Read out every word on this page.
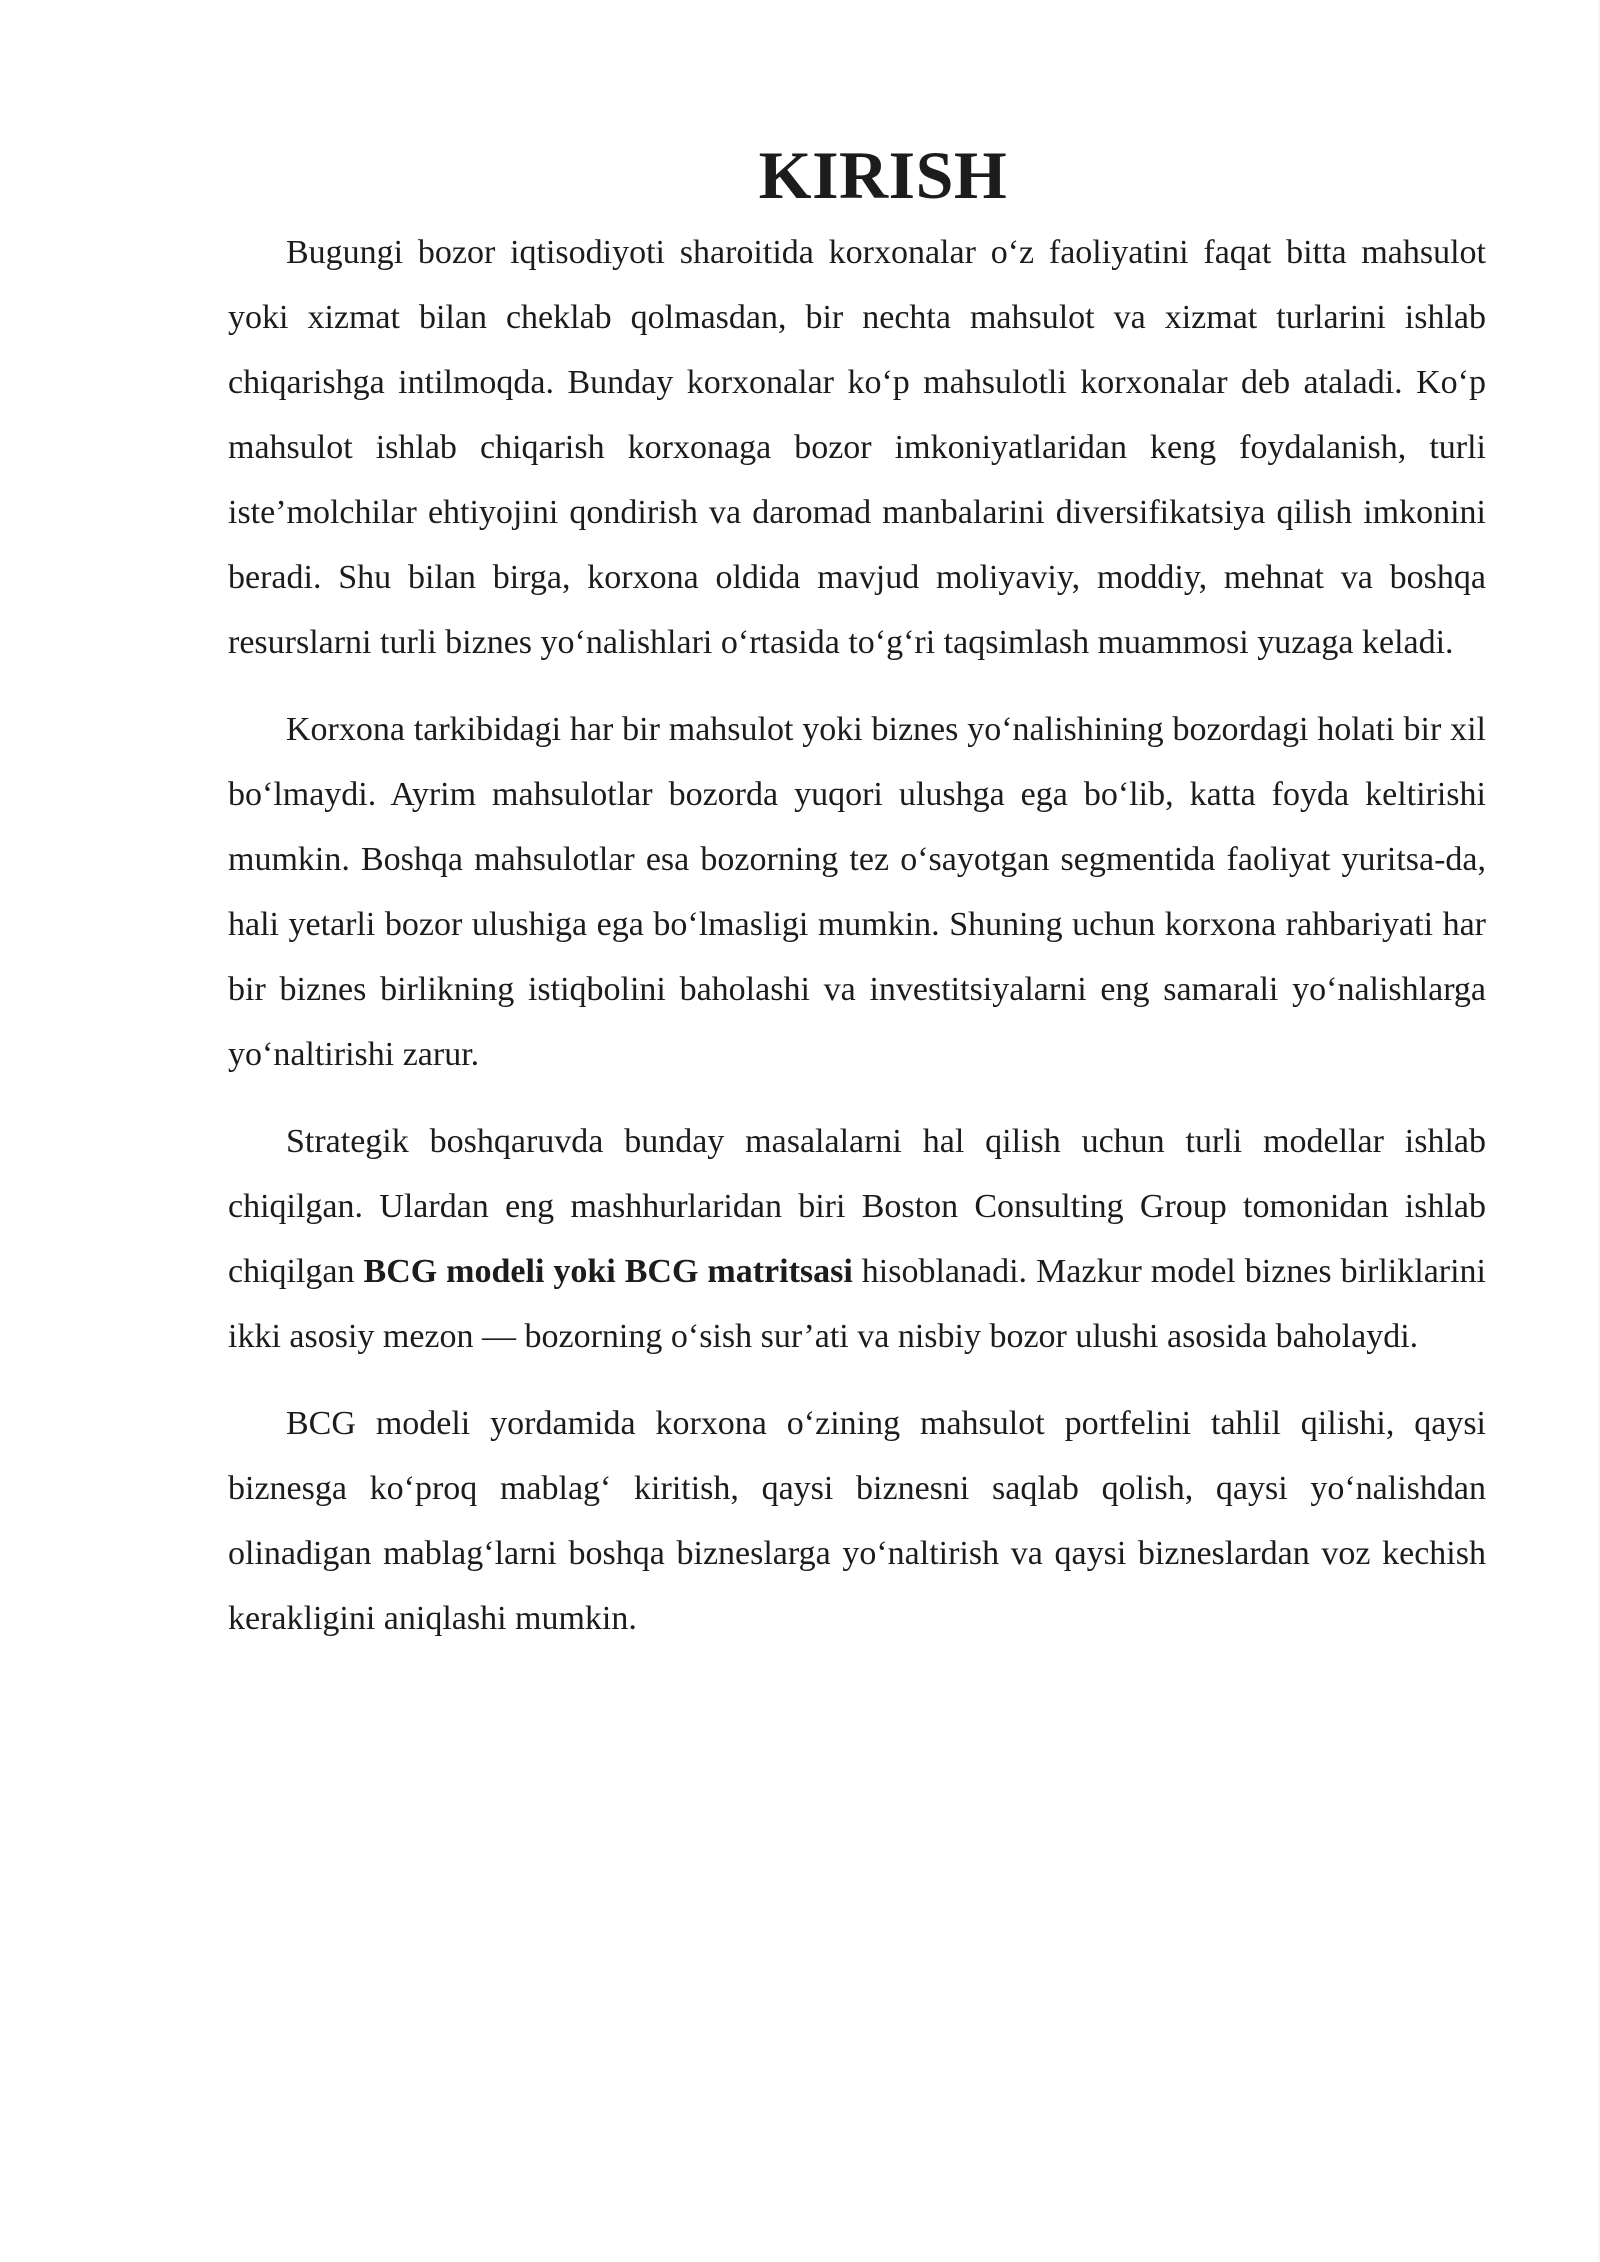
KIRISH

Bugungi bozor iqtisodiyoti sharoitida korxonalar o‘z faoliyatini faqat bitta mahsulot yoki xizmat bilan cheklab qolmasdan, bir nechta mahsulot va xizmat turlarini ishlab chiqarishga intilmoqda. Bunday korxonalar ko‘p mahsulotli korxonalar deb ataladi. Ko‘p mahsulot ishlab chiqarish korxonaga bozor imkoniyatlaridan keng foydalanish, turli iste’molchilar ehtiyojini qondirish va daromad manbalarini diversifikatsiya qilish imkonini beradi. Shu bilan birga, korxona oldida mavjud moliyaviy, moddiy, mehnat va boshqa resurslarni turli biznes yo‘nalishlari o‘rtasida to‘g‘ri taqsimlash muammosi yuzaga keladi.

Korxona tarkibidagi har bir mahsulot yoki biznes yo‘nalishining bozordagi holati bir xil bo‘lmaydi. Ayrim mahsulotlar bozorda yuqori ulushga ega bo‘lib, katta foyda keltirishi mumkin. Boshqa mahsulotlar esa bozorning tez o‘sayotgan segmentida faoliyat yuritsa-da, hali yetarli bozor ulushiga ega bo‘lmasligi mumkin. Shuning uchun korxona rahbariyati har bir biznes birlikning istiqbolini baholashi va investitsiyalarni eng samarali yo‘nalishlarga yo‘naltirishi zarur.

Strategik boshqaruvda bunday masalalarni hal qilish uchun turli modellar ishlab chiqilgan. Ulardan eng mashhurlaridan biri Boston Consulting Group tomonidan ishlab chiqilgan BCG modeli yoki BCG matritsasi hisoblanadi. Mazkur model biznes birliklarini ikki asosiy mezon — bozorning o‘sish sur’ati va nisbiy bozor ulushi asosida baholaydi.

BCG modeli yordamida korxona o‘zining mahsulot portfelini tahlil qilishi, qaysi biznesga ko‘proq mablag‘ kiritish, qaysi biznesni saqlab qolish, qaysi yo‘nalishdan olinadigan mablag‘larni boshqa bizneslarga yo‘naltirish va qaysi bizneslardan voz kechish kerakligini aniqlashi mumkin.
